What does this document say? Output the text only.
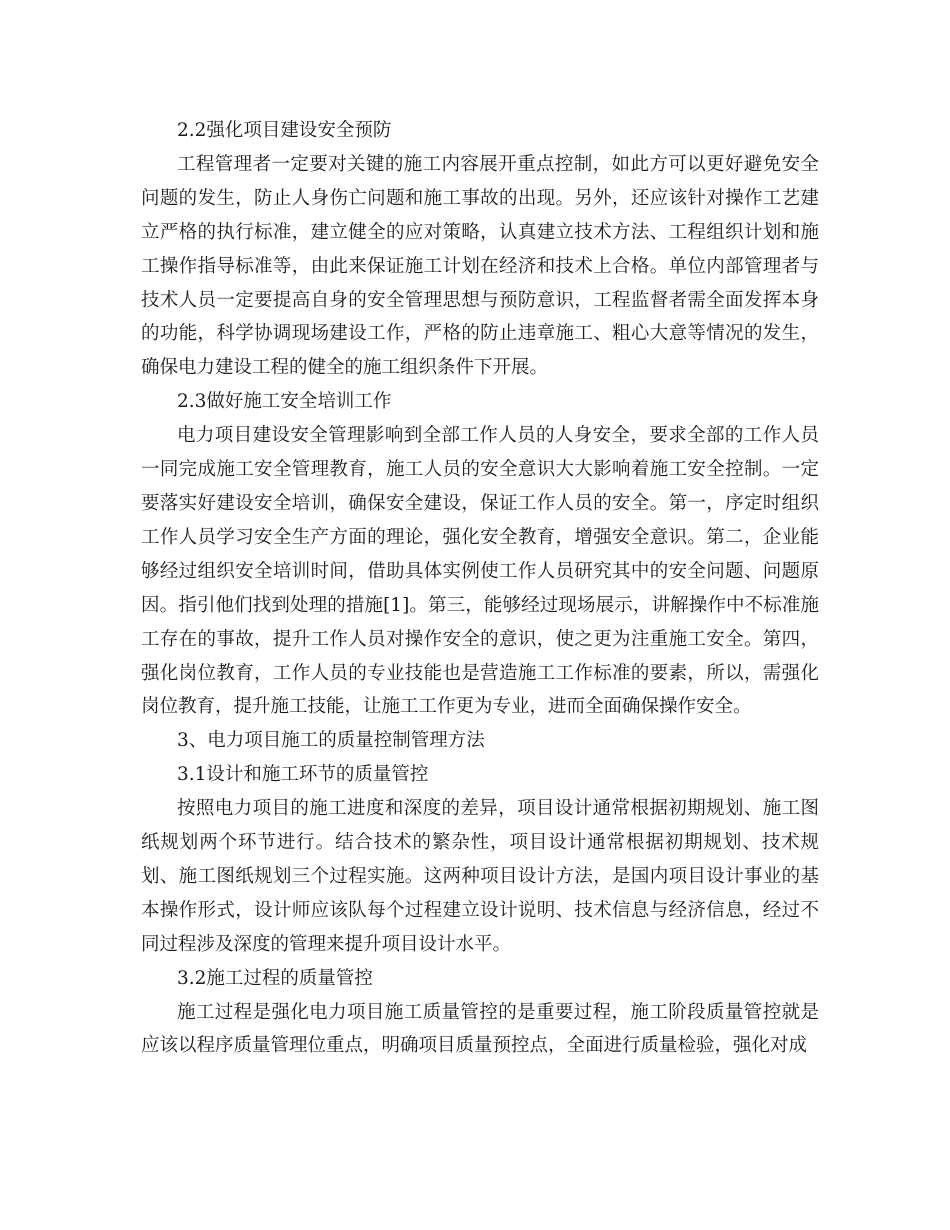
2.2强化项目建设安全预防

工程管理者一定要对关键的施工内容展开重点控制，如此方可以更好避免安全问题的发生，防止人身伤亡问题和施工事故的出现。另外，还应该针对操作工艺建立严格的执行标准，建立健全的应对策略，认真建立技术方法、工程组织计划和施工操作指导标准等，由此来保证施工计划在经济和技术上合格。单位内部管理者与技术人员一定要提高自身的安全管理思想与预防意识，工程监督者需全面发挥本身的功能，科学协调现场建设工作，严格的防止违章施工、粗心大意等情况的发生，确保电力建设工程的健全的施工组织条件下开展。

2.3做好施工安全培训工作

电力项目建设安全管理影响到全部工作人员的人身安全，要求全部的工作人员一同完成施工安全管理教育，施工人员的安全意识大大影响着施工安全控制。一定要落实好建设安全培训，确保安全建设，保证工作人员的安全。第一，序定时组织工作人员学习安全生产方面的理论，强化安全教育，增强安全意识。第二，企业能够经过组织安全培训时间，借助具体实例使工作人员研究其中的安全问题、问题原因。指引他们找到处理的措施[1]。第三，能够经过现场展示，讲解操作中不标准施工存在的事故，提升工作人员对操作安全的意识，使之更为注重施工安全。第四，强化岗位教育，工作人员的专业技能也是营造施工工作标准的要素，所以，需强化岗位教育，提升施工技能，让施工工作更为专业，进而全面确保操作安全。

3、电力项目施工的质量控制管理方法

3.1设计和施工环节的质量管控

按照电力项目的施工进度和深度的差异，项目设计通常根据初期规划、施工图纸规划两个环节进行。结合技术的繁杂性，项目设计通常根据初期规划、技术规划、施工图纸规划三个过程实施。这两种项目设计方法，是国内项目设计事业的基本操作形式，设计师应该队每个过程建立设计说明、技术信息与经济信息，经过不同过程涉及深度的管理来提升项目设计水平。

3.2施工过程的质量管控

施工过程是强化电力项目施工质量管控的是重要过程，施工阶段质量管控就是应该以程序质量管理位重点，明确项目质量预控点，全面进行质量检验，强化对成
